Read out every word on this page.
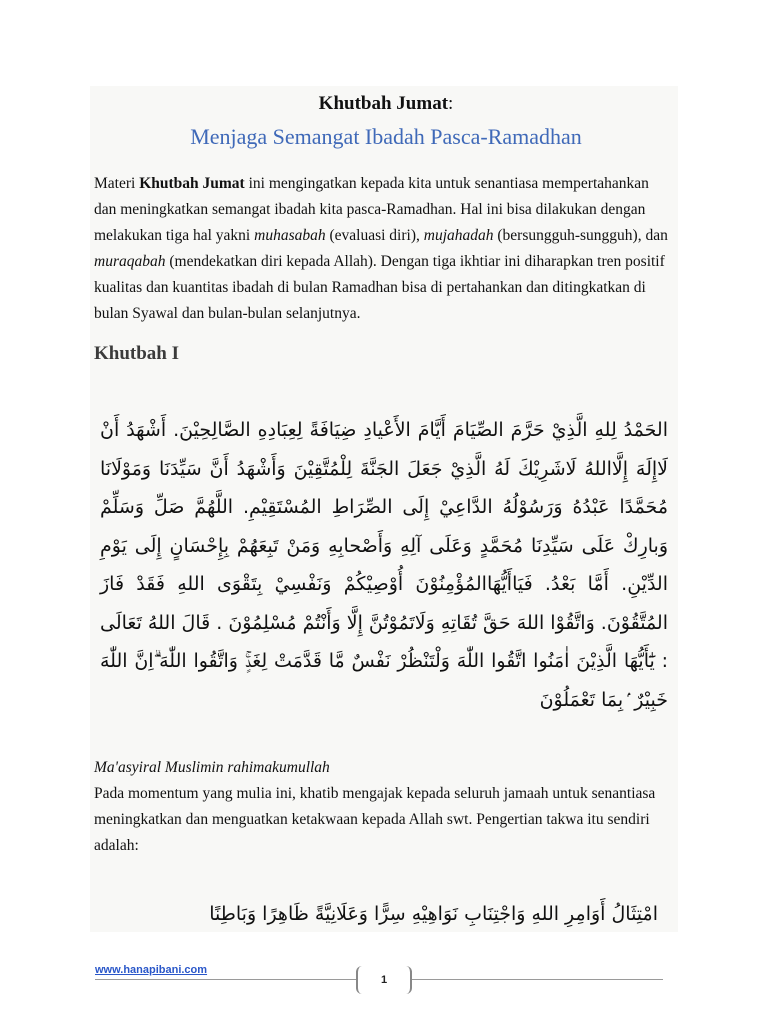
Khutbah Jumat:
Menjaga Semangat Ibadah Pasca-Ramadhan

Materi Khutbah Jumat ini mengingatkan kepada kita untuk senantiasa mempertahankan dan meningkatkan semangat ibadah kita pasca-Ramadhan. Hal ini bisa dilakukan dengan melakukan tiga hal yakni muhasabah (evaluasi diri), mujahadah (bersungguh-sungguh), dan muraqabah (mendekatkan diri kepada Allah). Dengan tiga ikhtiar ini diharapkan tren positif kualitas dan kuantitas ibadah di bulan Ramadhan bisa di pertahankan dan ditingkatkan di bulan Syawal dan bulan-bulan selanjutnya.

Khutbah I
الحَمْدُ لِلهِ الَّذِيْ حَرَّمَ الصِّيَامَ أَيَّامَ الأَعْيادِ ضِيَافَةً لِعِبَادِهِ الصَّالِحِيْنَ. أَشْهَدُ أَنْ لَاإِلَهَ إِلَّااللهُ لَاشَرِيْكَ لَهُ الَّذِيْ جَعَلَ الجَنَّةَ لِلْمُتَّقِيْنَ وَأَشْهَدُ أَنَّ سَيِّدَنَا وَمَوْلَانَا مُحَمَّدًا عَبْدُهُ وَرَسُوْلُهُ الدَّاعِيْ إِلَى الصِّرَاطِ المُسْتَقِيْمِ. اللَّهُمَّ صَلِّ وَسَلِّمْ وَبارِكْ عَلَى سَيِّدِنَا مُحَمَّدٍ وَعَلَى آلِهِ وَأَصْحابِهِ وَمَنْ تَبِعَهُمْ بِإِحْسَانٍ إِلَى يَوْمِ الدِّيْنِ. أَمَّا بَعْدُ. فَيَاأَيُّهَاالمُؤْمِنُوْنَ أُوْصِيْكُمْ وَنَفْسِيْ بِتَقْوَى اللهِ فَقَدْ فَازَ المُتَّقُوْنَ. وَاتَّقُوْا اللهَ حَقَّ تُقَاتِهِ وَلَاتَمُوْتُنَّ إِلَّا وَأَنْتُمْ مُسْلِمُوْنَ . قَالَ اللهُ تَعَالَى : يَٰٓأَيُّهَا الَّذِيْنَ اٰمَنُوا اتَّقُوا اللّٰهَ وَلْتَنْظُرْ نَفْسٌ مَّا قَدَّمَتْ لِغَدٍۚ وَاتَّقُوا اللّٰهَ ۗاِنَّ اللّٰهَ خَبِيْرٌ ۢبِمَا تَعْمَلُوْنَ
Ma'asyiral Muslimin rahimakumullah

Pada momentum yang mulia ini, khatib mengajak kepada seluruh jamaah untuk senantiasa meningkatkan dan menguatkan ketakwaan kepada Allah swt. Pengertian takwa itu sendiri adalah:

امْتِثَالُ أَوَامِرِ اللهِ وَاجْتِنَابِ نَوَاهِيْهِ سِرًّا وَعَلَانِيَّةً ظَاهِرًا وَبَاطِنًا
www.hanapibani.com
1
